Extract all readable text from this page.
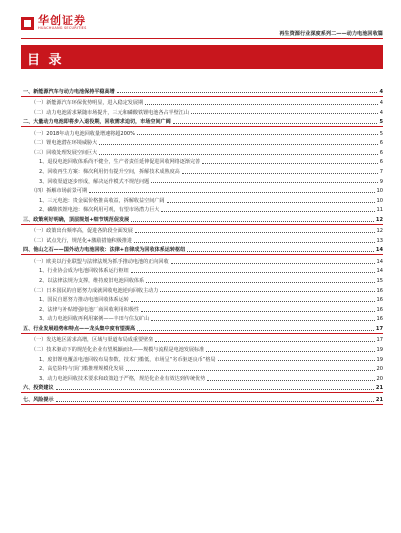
华创证券
HUACHUANG SECURITIES
再生资源行业深度系列二——动力电池回收篇
目 录
一、新能源汽车与动力电池保持平稳高增	4
（一）新能源汽车环保优势明显，进入稳定发展期	4
（二）动力电池需求紧随市场提升，三元和磷酸铁锂电池各占半壁江山	4
二、大量动力电池即将步入退役期，回收需求迫切，市场空间广阔	5
（一）2018年动力电池回收量增速将超200%	5
（二）锂电池潜在环境威胁大	6
（三）回收处理发展空间巨大	6
1、退役电池回收体系尚不健全，生产者责任延伸促进回收网络逐渐完善	6
2、回收再生方案：梯次利用仍有提升空间，拆解技术成熟度高	7
3、回收渠道逐步形成，解决运作模式不规范问题	9
（四）拆解市场前景可期	10
1、三元电池：贵金属价格推高收益，拆解收益空间广阔	10
2、磷酸铁锂电池：梯次利用可观，有望市场潜力巨大	11
三、政策利好明确，顶层规划+细节规范促发展	12
（一）政策出台频率高，促进各阶段全面发展	12
（二）试点先行，规范化+激励措施积极推进	13
四、他山之石——国外动力电池回收：法律+自律成为回收体系运转枢纽	14
（一）欧美以行业联盟与法律法规为抓手推动电池的正向回收	14
1、行业协会成为电池回收体系运行枢纽	14
2、以法律法规为支撑，维持废旧电池回收体系	15
（二）日本国民的自愿努力成就回收电池逆向回收主动力	16
1、国民自愿努力推动电池回收体系运转	16
2、法律与补贴增强电池厂商回收利用积极性	16
3、动力电池回收再利用案例——丰田与住友矿山	16
五、行业发展趋势和特点——龙头集中度有望提高	17
（一）发达地区需求高增，区域与渠道布局成重要壁垒	17
（二）技术驱动下的规范化企业有望脱颖而出——规模与流程是电池发展标准	19
1、废旧锂电覆盖电池回收布局参数、技术门槛低，市场呈“劣币驱逐良币”格局	19
2、高危险特与顶门槛推理规模化发展	20
3、动力电池回收技术要求和政策趋于严格，规范化企业有效达到传统优势	20
六、投资建议	21
七、风险提示	21
